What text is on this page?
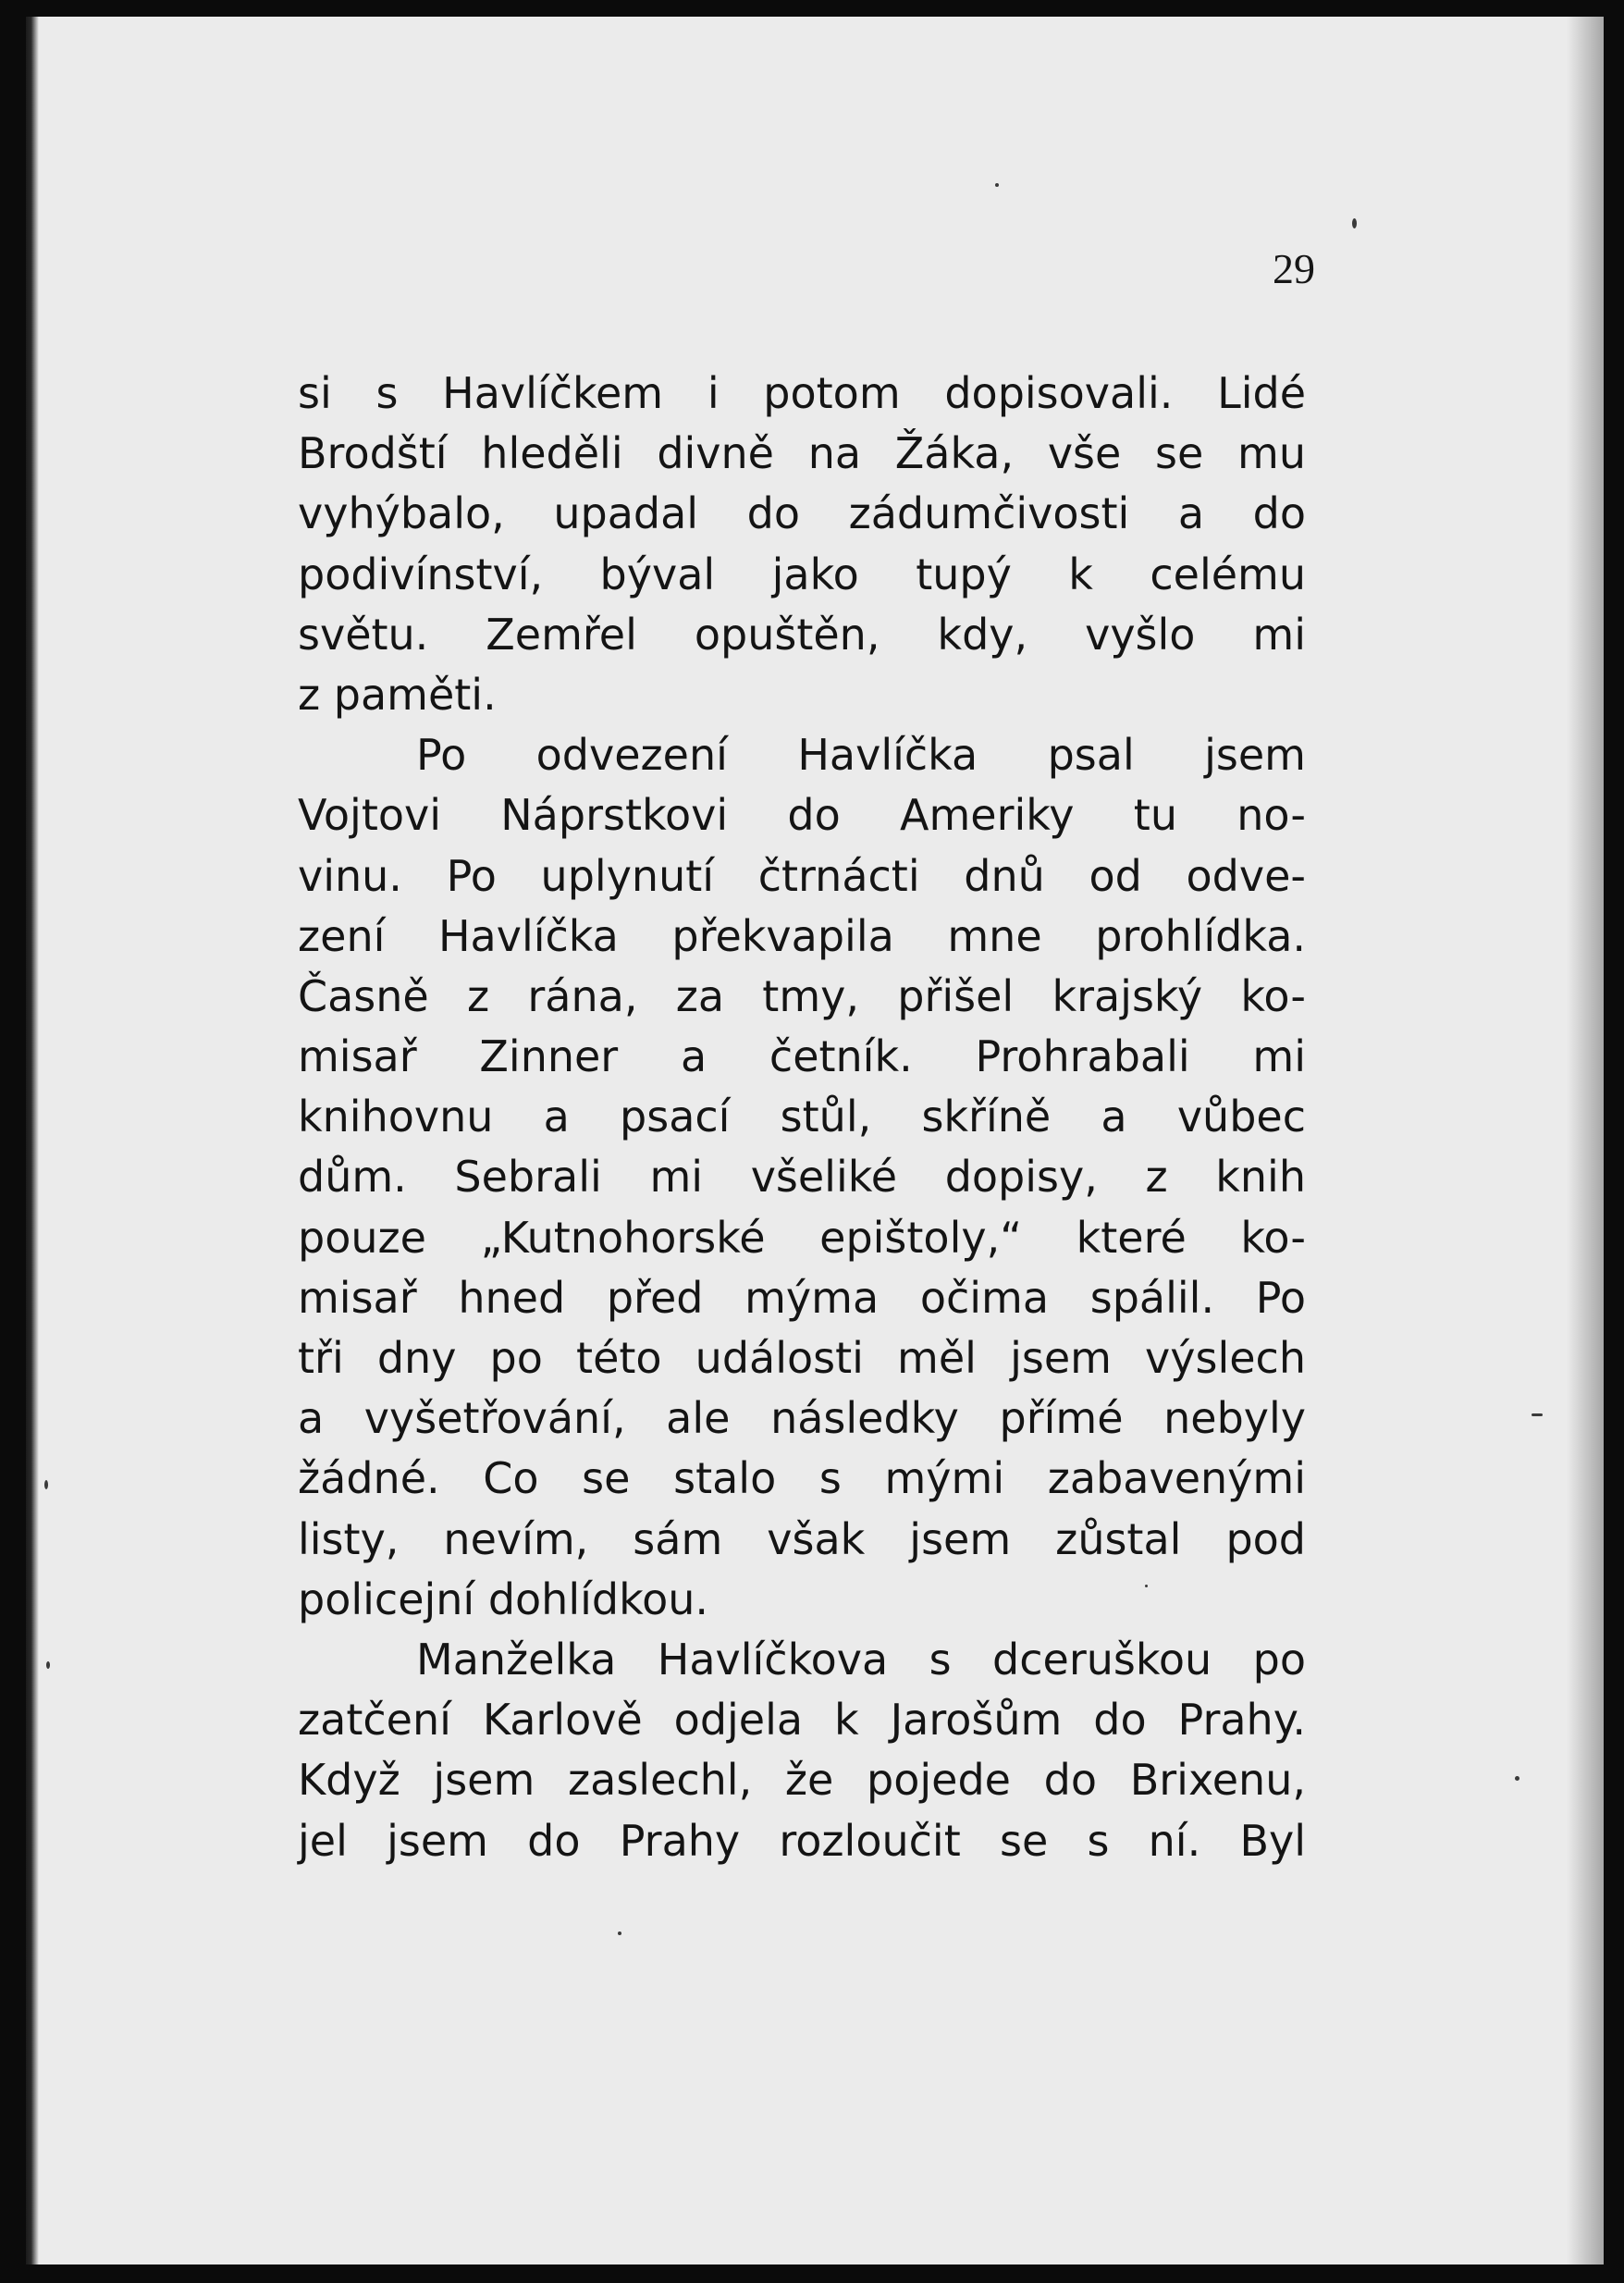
29

si s Havlíčkem i potom dopisovali. Lidé
Brodští hleděli divně na Žáka, vše se mu
vyhýbalo, upadal do zádumčivosti a do
podivínství, býval jako tupý k celému
světu. Zemřel opuštěn, kdy, vyšlo mi
z paměti.
Po odvezení Havlíčka psal jsem
Vojtovi Náprstkovi do Ameriky tu no-
vinu. Po uplynutí čtrnácti dnů od odve-
zení Havlíčka překvapila mne prohlídka.
Časně z rána, za tmy, přišel krajský ko-
misař Zinner a četník. Prohrabali mi
knihovnu a psací stůl, skříně a vůbec
dům. Sebrali mi všeliké dopisy, z knih
pouze „Kutnohorské epištoly,“ které ko-
misař hned před mýma očima spálil. Po
tři dny po této události měl jsem výslech
a vyšetřování, ale následky přímé nebyly
žádné. Co se stalo s mými zabavenými
listy, nevím, sám však jsem zůstal pod
policejní dohlídkou.
Manželka Havlíčkova s dceruškou po
zatčení Karlově odjela k Jarošům do Prahy.
Když jsem zaslechl, že pojede do Brixenu,
jel jsem do Prahy rozloučit se s ní. Byl
